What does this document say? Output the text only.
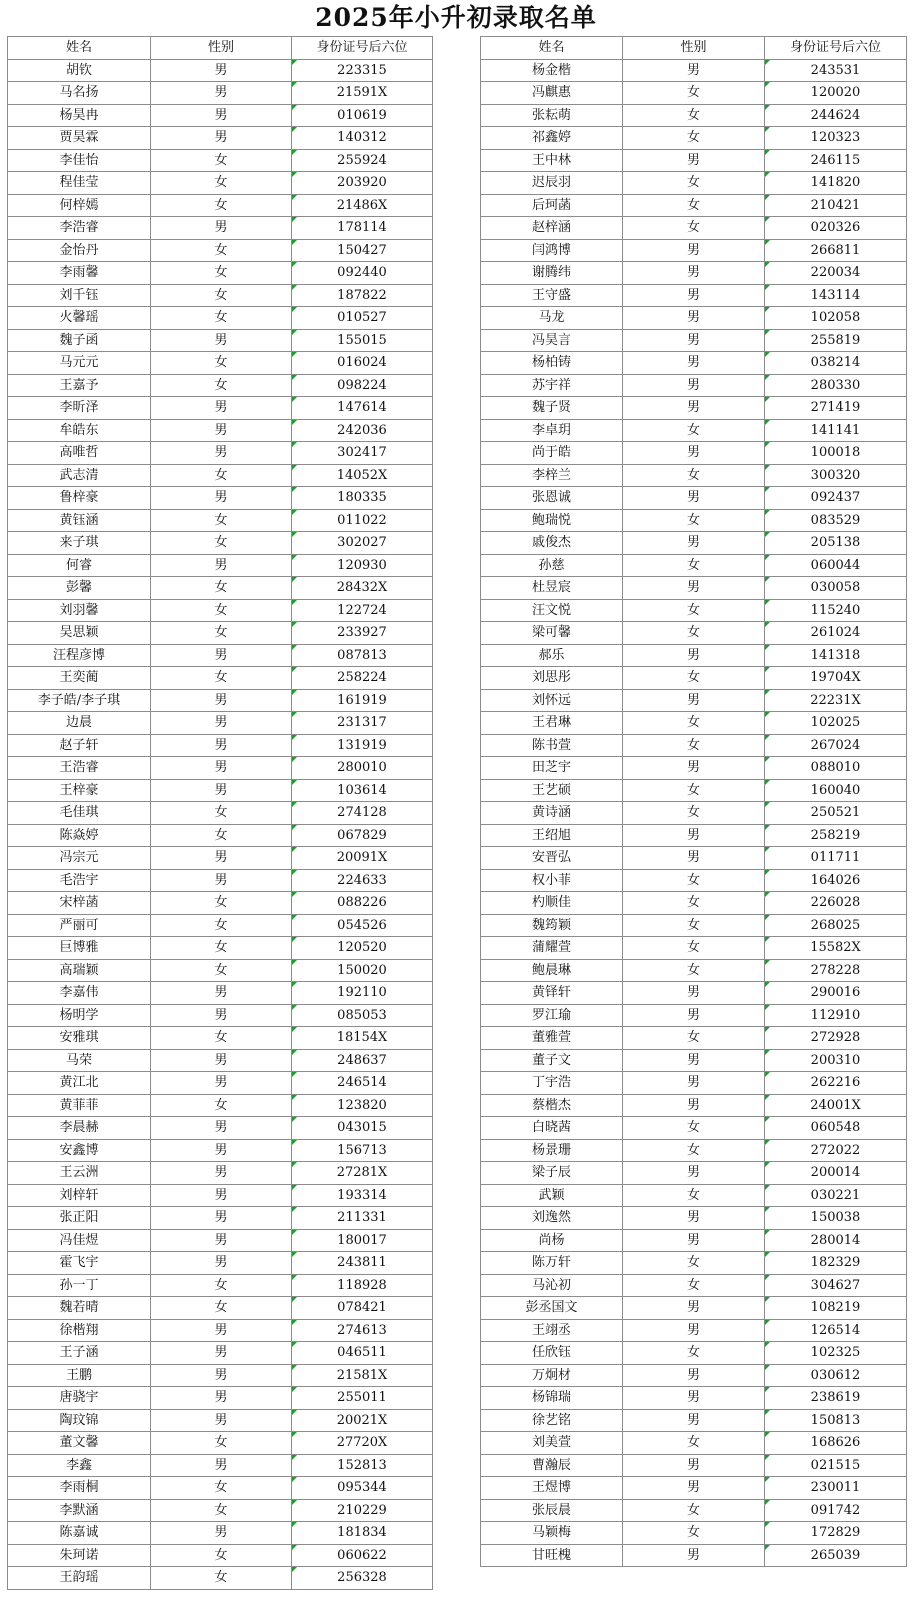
2025年小升初录取名单
姓名	性别	身份证号后六位
胡钦	男	223315
马名扬	男	21591X
杨昊冉	男	010619
贾昊霖	男	140312
李佳怡	女	255924
程佳莹	女	203920
何梓嫣	女	21486X
李浩睿	男	178114
金怡丹	女	150427
李雨馨	女	092440
刘千钰	女	187822
火馨瑶	女	010527
魏子函	男	155015
马元元	女	016024
王嘉予	女	098224
李昕泽	男	147614
牟皓东	男	242036
高唯哲	男	302417
武志清	女	14052X
鲁梓豪	男	180335
黄钰涵	女	011022
来子琪	女	302027
何睿	男	120930
彭馨	女	28432X
刘羽馨	女	122724
吴思颖	女	233927
汪程彦博	男	087813
王奕蔺	女	258224
李子皓/李子琪	男	161919
边晨	男	231317
赵子轩	男	131919
王浩睿	男	280010
王梓豪	男	103614
毛佳琪	女	274128
陈焱婷	女	067829
冯宗元	男	20091X
毛浩宇	男	224633
宋梓菡	女	088226
严丽可	女	054526
巨博雅	女	120520
高瑞颖	女	150020
李嘉伟	男	192110
杨明学	男	085053
安雅琪	女	18154X
马荣	男	248637
黄江北	男	246514
黄菲菲	女	123820
李晨赫	男	043015
安鑫博	男	156713
王云洲	男	27281X
刘梓轩	男	193314
张正阳	男	211331
冯佳煜	男	180017
霍飞宇	男	243811
孙一丁	女	118928
魏若晴	女	078421
徐楷翔	男	274613
王子涵	男	046511
王鹏	男	21581X
唐骁宇	男	255011
陶玟锦	男	20021X
董文馨	女	27720X
李鑫	男	152813
李雨桐	女	095344
李默涵	女	210229
陈嘉诚	男	181834
朱珂诺	女	060622
王韵瑶	女	256328
姓名	性别	身份证号后六位
杨金楷	男	243531
冯麒惠	女	120020
张耘萌	女	244624
祁鑫婷	女	120323
王中林	男	246115
迟辰羽	女	141820
后珂菡	女	210421
赵梓涵	女	020326
闫鸿博	男	266811
谢腾纬	男	220034
王守盛	男	143114
马龙	男	102058
冯昊言	男	255819
杨柏铸	男	038214
苏宇祥	男	280330
魏子贤	男	271419
李卓玥	女	141141
尚于皓	男	100018
李梓兰	女	300320
张恩诚	男	092437
鲍瑞悦	女	083529
戚俊杰	男	205138
孙慈	女	060044
杜昱宸	男	030058
汪文悦	女	115240
梁可馨	女	261024
郝乐	男	141318
刘思彤	女	19704X
刘怀远	男	22231X
王君琳	女	102025
陈书萱	女	267024
田芝宇	男	088010
王艺硕	女	160040
黄诗涵	女	250521
王绍旭	男	258219
安晋弘	男	011711
权小菲	女	164026
杓顺佳	女	226028
魏筠颖	女	268025
蒲耀萱	女	15582X
鲍晨琳	女	278228
黄铎轩	男	290016
罗江瑜	男	112910
董雅萱	女	272928
董子文	男	200310
丁宇浩	男	262216
蔡楷杰	男	24001X
白晓茜	女	060548
杨景珊	女	272022
梁子辰	男	200014
武颖	女	030221
刘逸然	男	150038
尚杨	男	280014
陈万轩	女	182329
马沁初	女	304627
彭丞国文	男	108219
王翊丞	男	126514
任欣钰	女	102325
万炯材	男	030612
杨锦瑞	男	238619
徐艺铭	男	150813
刘美萱	女	168626
曹瀚辰	男	021515
王煜博	男	230011
张辰晨	女	091742
马颖梅	女	172829
甘旺槐	男	265039
